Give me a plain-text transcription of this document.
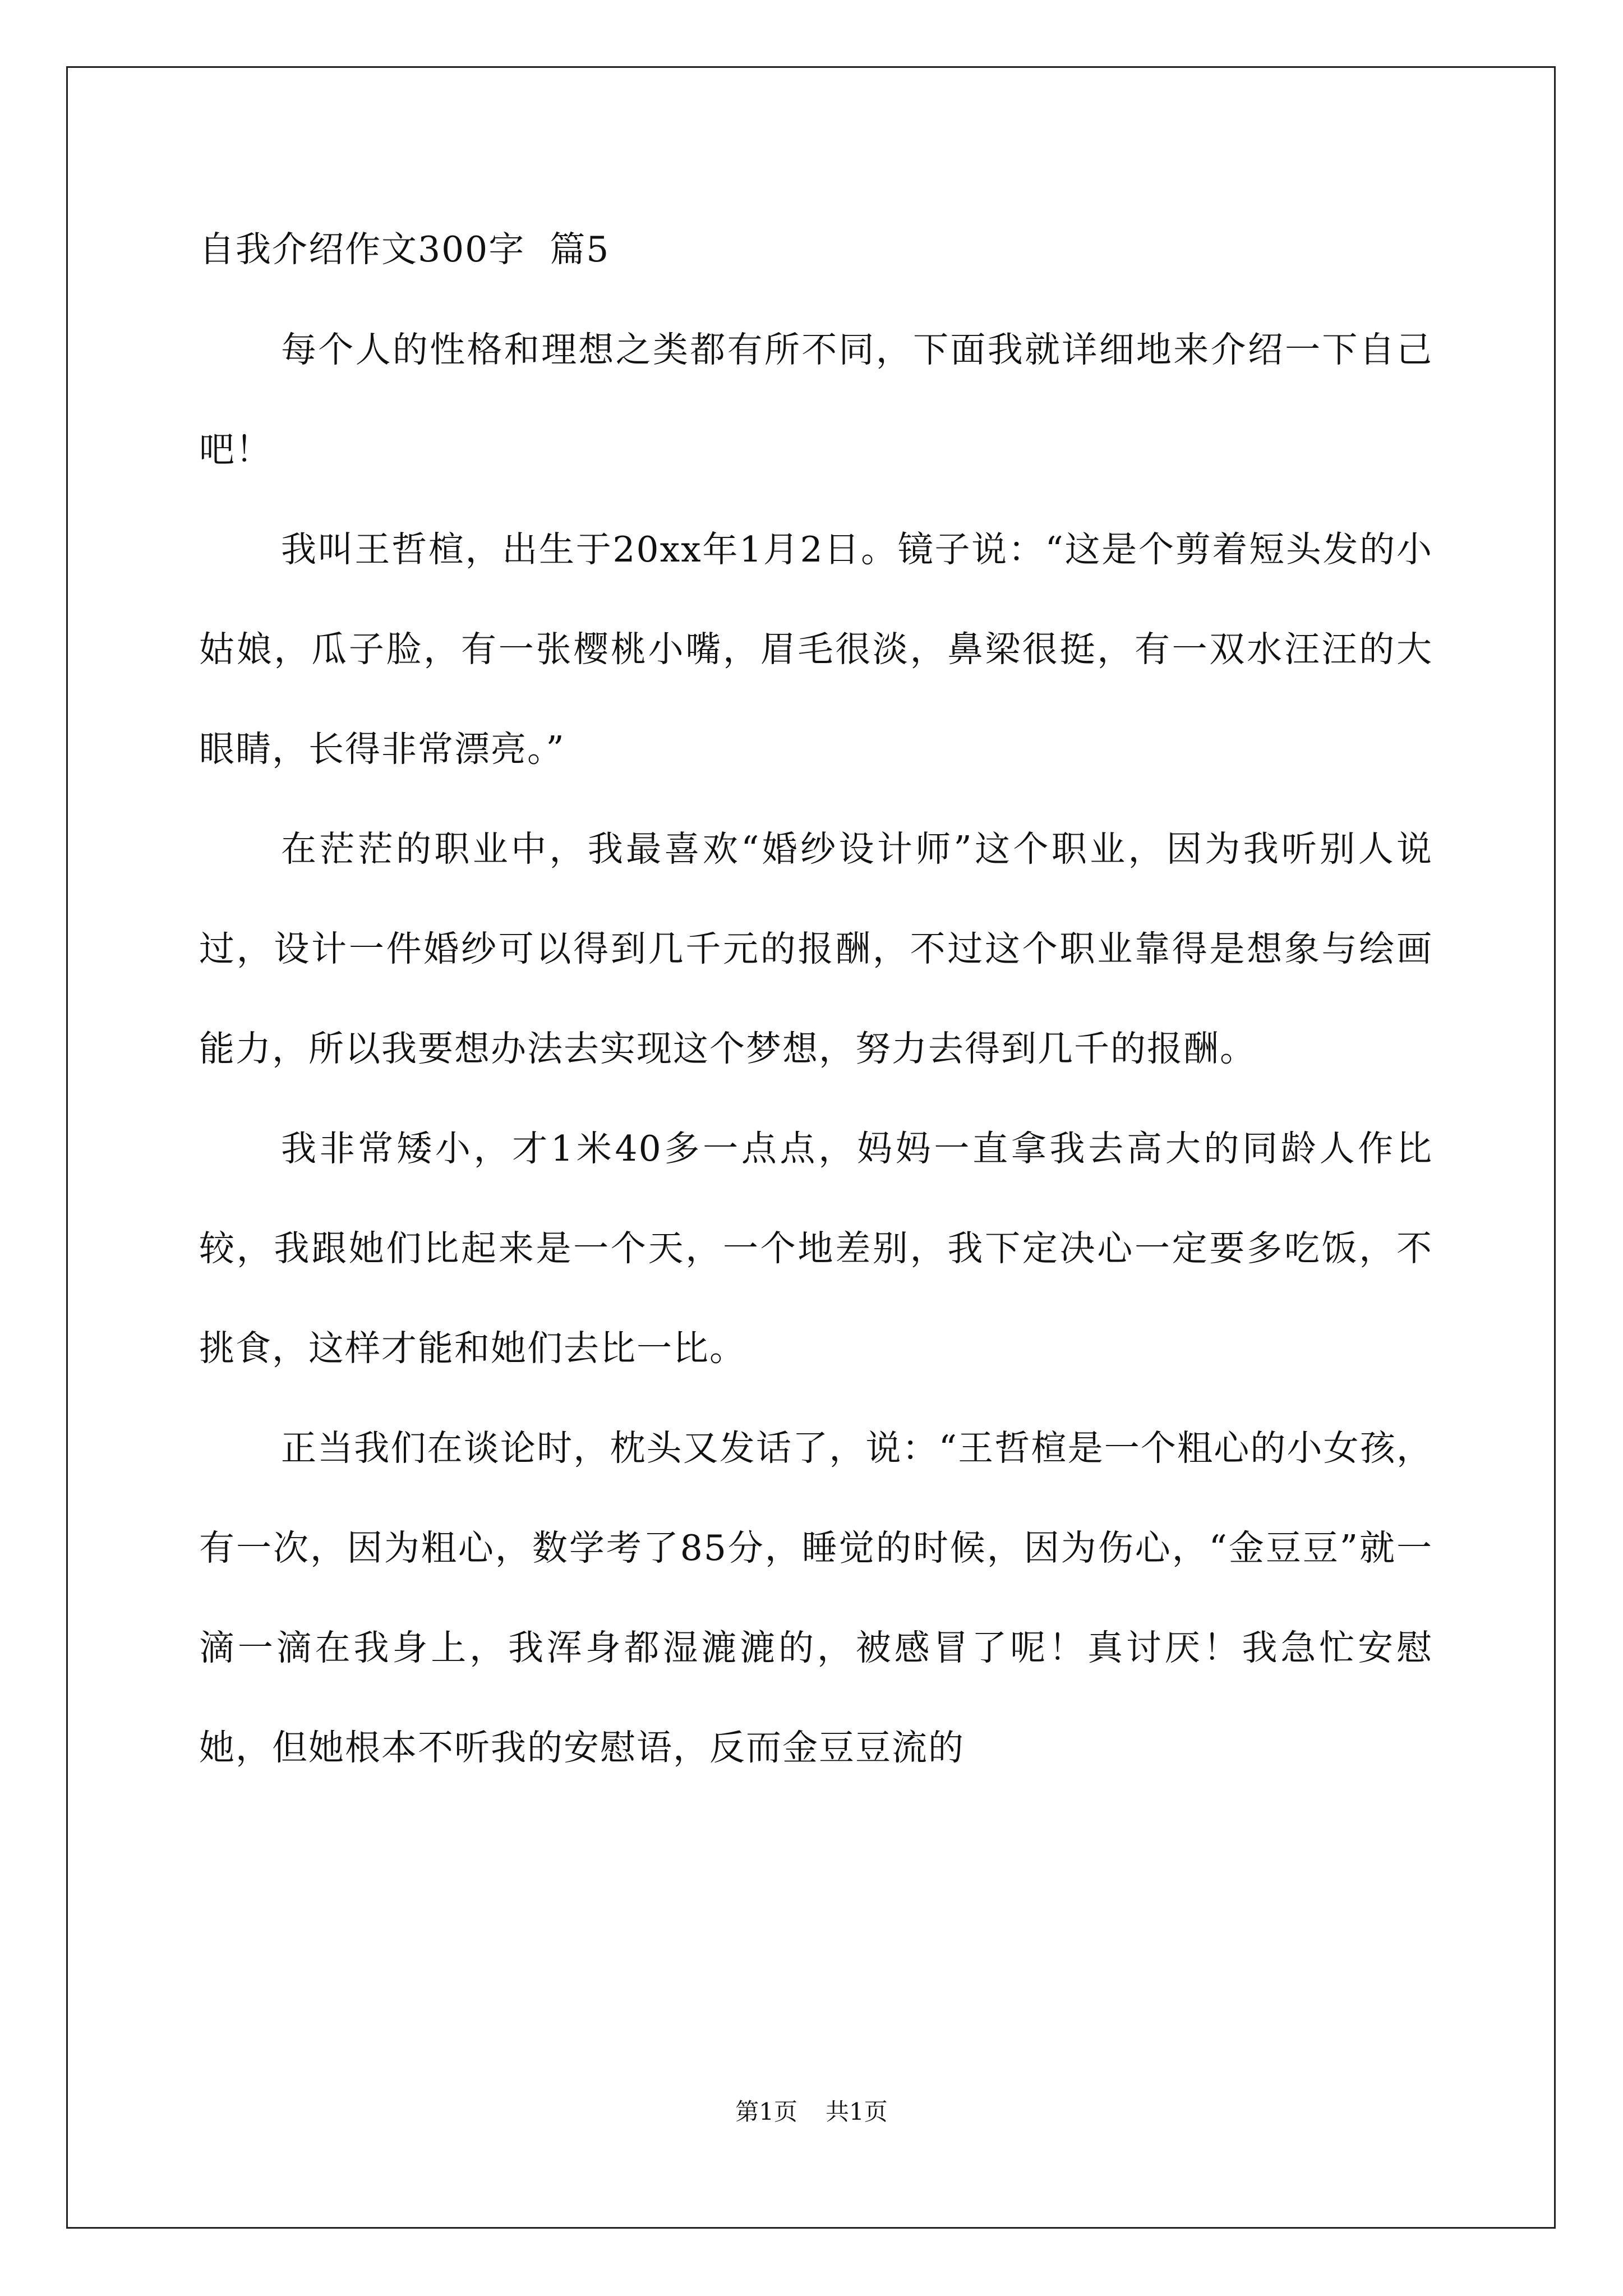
自我介绍作文300字 篇5

每个人的性格和理想之类都有所不同，下面我就详细地来介绍一下自己吧！

我叫王哲楦，出生于20xx年1月2日。镜子说：“这是个剪着短头发的小姑娘，瓜子脸，有一张樱桃小嘴，眉毛很淡，鼻梁很挺，有一双水汪汪的大眼睛，长得非常漂亮。”

在茫茫的职业中，我最喜欢“婚纱设计师”这个职业，因为我听别人说过，设计一件婚纱可以得到几千元的报酬，不过这个职业靠得是想象与绘画能力，所以我要想办法去实现这个梦想，努力去得到几千的报酬。

我非常矮小，才1米40多一点点，妈妈一直拿我去高大的同龄人作比较，我跟她们比起来是一个天，一个地差别，我下定决心一定要多吃饭，不挑食，这样才能和她们去比一比。

正当我们在谈论时，枕头又发话了，说：“王哲楦是一个粗心的小女孩，有一次，因为粗心，数学考了85分，睡觉的时候，因为伤心，“金豆豆”就一滴一滴在我身上，我浑身都湿漉漉的，被感冒了呢！真讨厌！我急忙安慰她，但她根本不听我的安慰语，反而金豆豆流的

第1页 共1页
